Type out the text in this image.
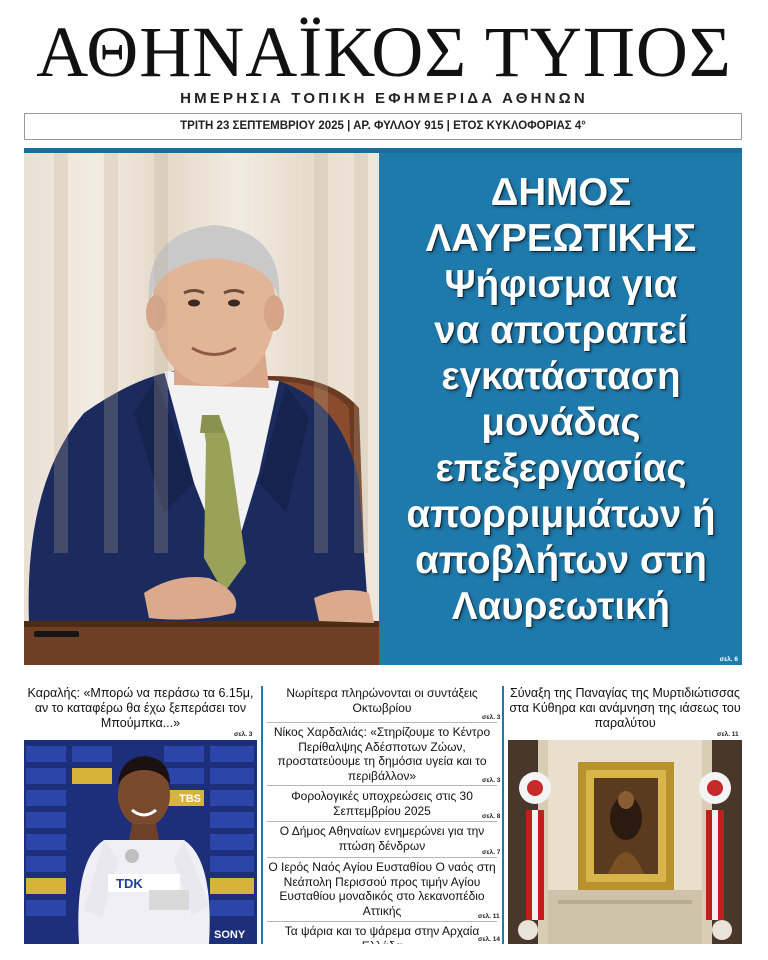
ΑΘΗΝΑΪΚΟΣ ΤΥΠΟΣ
ΗΜΕΡΗΣΙΑ ΤΟΠΙΚΗ ΕΦΗΜΕΡΙΔΑ ΑΘΗΝΩΝ
ΤΡΙΤΗ 23 ΣΕΠΤΕΜΒΡΙΟΥ 2025 | ΑΡ. ΦΥΛΛΟΥ 915 | ΕΤΟΣ ΚΥΚΛΟΦΟΡΙΑΣ 4°
ΔΗΜΟΣ
ΛΑΥΡΕΩΤΙΚΗΣ
Ψήφισμα για
να αποτραπεί
εγκατάσταση
μονάδας
επεξεργασίας
απορριμμάτων ή
αποβλήτων στη
Λαυρεωτική
σελ. 6
Καραλής: «Μπορώ να περάσω τα 6.15μ, αν το καταφέρω θα έχω ξεπεράσει τον Μπούμπκα...»
σελ. 3
TBS
SONY
TDK
Νωρίτερα πληρώνονται οι συντάξεις Οκτωβρίου
σελ. 3
Νίκος Χαρδαλιάς: «Στηρίζουμε το Κέντρο Περίθαλψης Αδέσποτων Ζώων, προστατεύουμε τη δημόσια υγεία και το περιβάλλον»	σελ. 3
Φορολογικές υποχρεώσεις στις 30 Σεπτεμβρίου 2025	σελ. 8
Ο Δήμος Αθηναίων ενημερώνει για την πτώση δένδρων	σελ. 7
Ο Ιερός Ναός Αγίου Ευσταθίου Ο ναός στη Νεάπολη Περισσού προς τιμήν Αγίου Ευσταθίου μοναδικός στο λεκανοπέδιο Αττικής	σελ. 11
Τα ψάρια και το ψάρεμα στην Αρχαία
σελ. 14
Σύναξη της Παναγίας της Μυρτιδιώτισσας στα Κύθηρα και ανάμνηση της ιάσεως του παραλύτου
σελ. 11
